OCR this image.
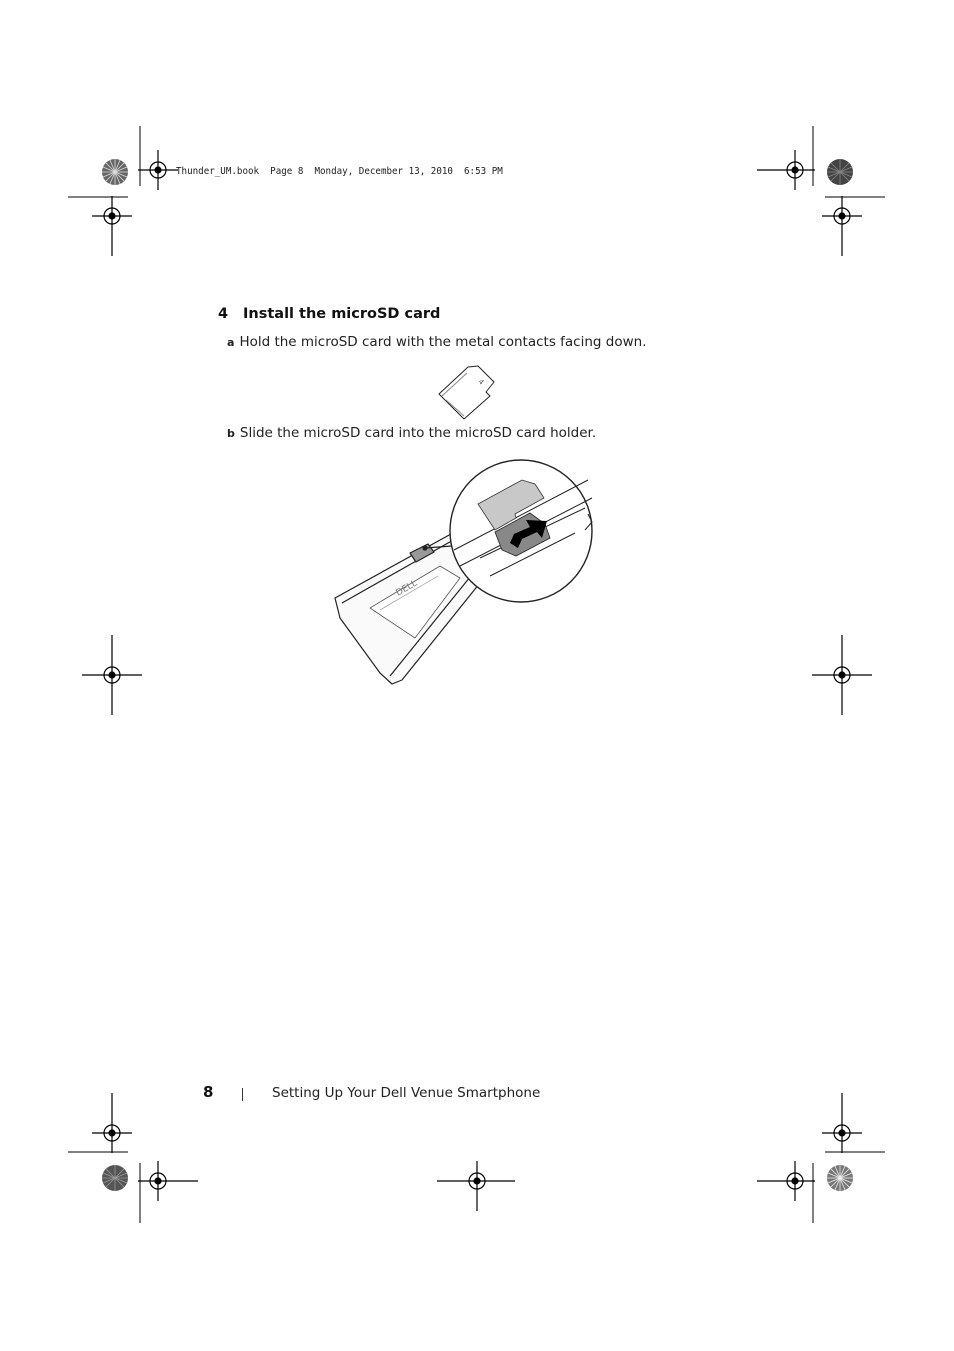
Thunder_UM.book  Page 8  Monday, December 13, 2010  6:53 PM
4 Install the microSD card
a Hold the microSD card with the metal contacts facing down.
4
b Slide the microSD card into the microSD card holder.
DELL
8	Setting Up Your Dell Venue Smartphone
